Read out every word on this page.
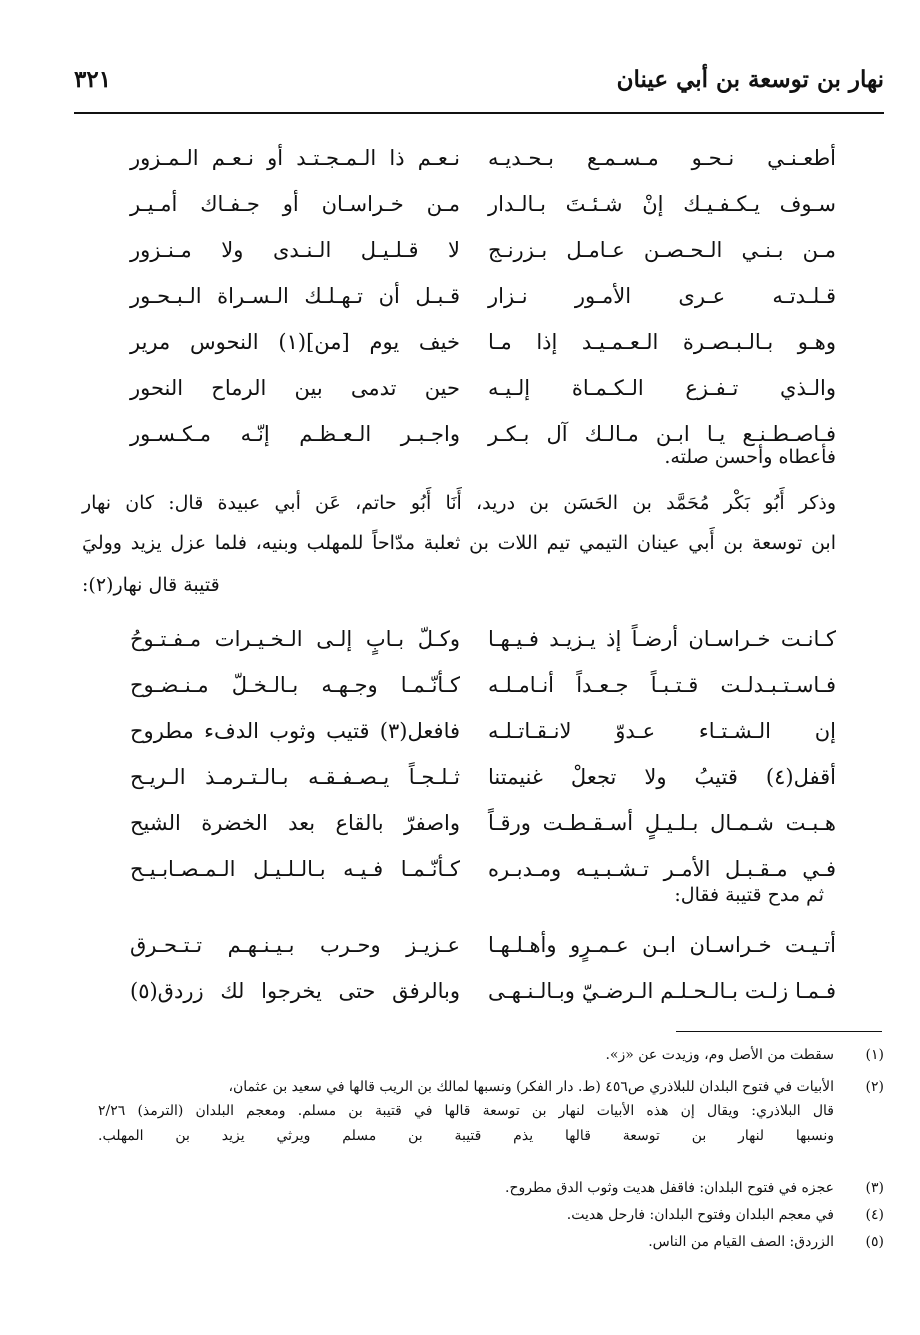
نهار بن توسعة بن أبي عينان
٣٢١
أطعـنـي نـحـو مـسـمـع بـحـديـه
نـعـم ذا الـمـجـتـد أو نـعـم الـمـزور
سـوف يـكـفـيـك إنْ شـئـتَ بـالـدار
مـن خـراسـان أو جـفـاك أمـيـر
مـن بـنـي الـحـصـن عـامـل بـزرنـج
لا قـلـيـل الـنـدى ولا مـنـزور
قـلـدتـه عـرى الأمـور نـزار
قـبـل أن تـهـلـك الـسـراة الـبـحـور
وهـو بـالـبـصـرة الـعـمـيـد إذا مـا
خيف يوم [من](١) النحوس مرير
والـذي تـفـزع الـكـمـاة إلـيـه
حين تدمى بين الرماح النحور
فـاصـطـنـع يـا ابـن مـالـك آل بـكـر
واجـبـر الـعـظـم إنّـه مـكـسـور
فأعطاه وأحسن صلته.
وذكر أَبُو بَكْر مُحَمَّد بن الحَسَن بن دريد، أَنَا أَبُو حاتم، عَن أبي عبيدة قال: كان نهار
ابن توسعة بن أَبي عينان التيمي تيم اللات بن ثعلبة مدّاحاً للمهلب وبنيه، فلما عزل يزيد ووليَ
قتيبة قال نهار(٢):
كـانـت خـراسـان أرضـاً إذ يـزيـد فـيـهـا
وكـلّ بـابٍ إلـى الـخـيـرات مـفـتـوحُ
فـاسـتـبـدلـت قـتـبـاً جـعـداً أنـامـلـه
كـأنّـمـا وجـهـه بـالـخـلّ مـنـضـوح
إن الـشـتـاء عـدوّ لانـقـاتـلـه
فافعل(٣) قتيب وثوب الدفء مطروح
أقفل(٤) قتيبُ ولا تجعلْ غنيمتنا
ثـلـجـاً يـصـفـقـه بـالـتـرمـذ الـريـح
هـبـت شـمـال بـلـيـلٍ أسـقـطـت ورقـاً
واصفرّ بالقاع بعد الخضرة الشيح
فـي مـقـبـل الأمـر تـشـبـيـه ومـدبـره
كـأنّـمـا فـيـه بـالـلـيـل الـمـصـابـيـح
ثم مدح قتيبة فقال:
أتـيـت خـراسـان ابـن عـمـرٍو وأهـلـهـا
عـزيـز وحـرب بـيـنـهـم تـتـحـرق
فـمـا زلـت بـالـحـلـم الـرضـيّ وبـالـنـهـى
وبالرفق حتى يخرجوا لك زردق(٥)
(١)
سقطت من الأصل وم، وزيدت عن «ز».
(٢)
الأبيات في فتوح البلدان للبلاذري ص٤٥٦ (ط. دار الفكر) ونسبها لمالك بن الريب قالها في سعيد بن عثمان،
قال البلاذري: ويقال إن هذه الأبيات لنهار بن توسعة قالها في قتيبة بن مسلم. ومعجم البلدان (الترمذ) ٢/٢٦
ونسبها لنهار بن توسعة قالها يذم قتيبة بن مسلم ويرثي يزيد بن المهلب.
(٣)
عجزه في فتوح البلدان: فاقفل هديت وثوب الدق مطروح.
(٤)
في معجم البلدان وفتوح البلدان: فارحل هديت.
(٥)
الزردق: الصف القيام من الناس.
